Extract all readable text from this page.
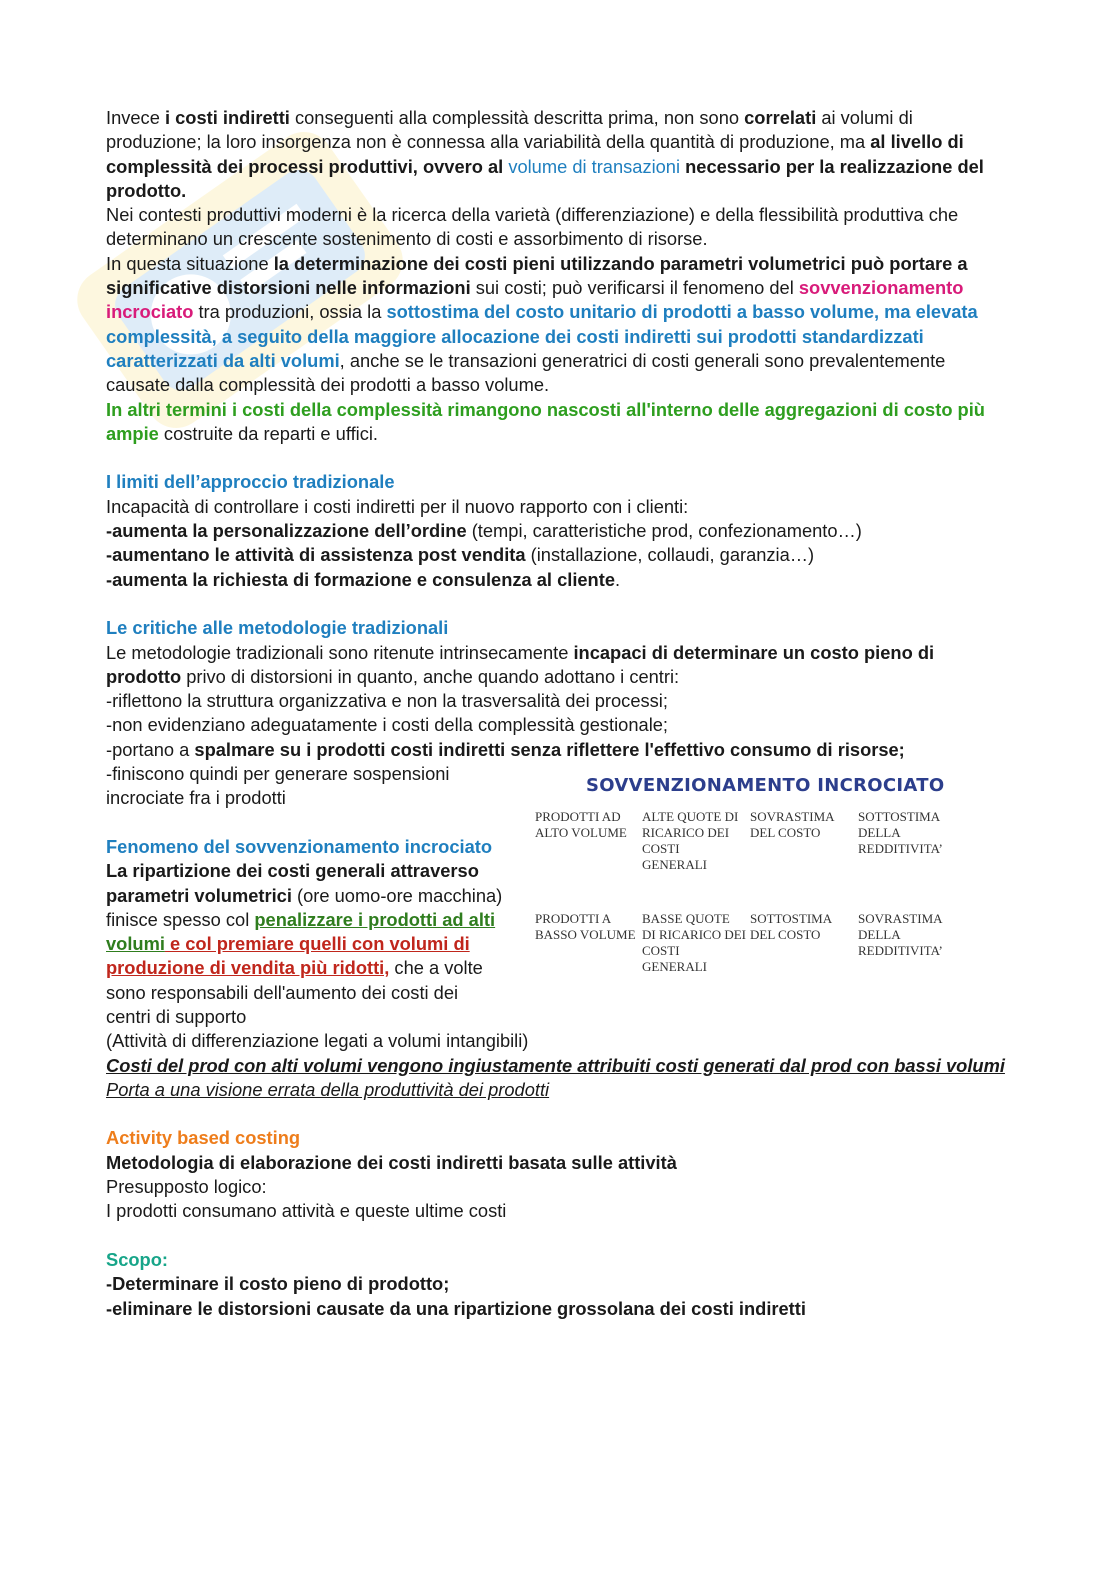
Invece i costi indiretti conseguenti alla complessità descritta prima, non sono correlati ai volumi di produzione; la loro insorgenza non è connessa alla variabilità della quantità di produzione, ma al livello di complessità dei processi produttivi, ovvero al volume di transazioni necessario per la realizzazione del prodotto.

Nei contesti produttivi moderni è la ricerca della varietà (differenziazione) e della flessibilità produttiva che determinano un crescente sostenimento di costi e assorbimento di risorse.

In questa situazione la determinazione dei costi pieni utilizzando parametri volumetrici può portare a significative distorsioni nelle informazioni sui costi; può verificarsi il fenomeno del sovvenzionamento incrociato tra produzioni, ossia la sottostima del costo unitario di prodotti a basso volume, ma elevata complessità, a seguito della maggiore allocazione dei costi indiretti sui prodotti standardizzati caratterizzati da alti volumi, anche se le transazioni generatrici di costi generali sono prevalentemente causate dalla complessità dei prodotti a basso volume.

In altri termini i costi della complessità rimangono nascosti all'interno delle aggregazioni di costo più ampie costruite da reparti e uffici.

I limiti dell’approccio tradizionale

Incapacità di controllare i costi indiretti per il nuovo rapporto con i clienti:

-aumenta la personalizzazione dell’ordine (tempi, caratteristiche prod, confezionamento…)

-aumentano le attività di assistenza post vendita (installazione, collaudi, garanzia…)

-aumenta la richiesta di formazione e consulenza al cliente.

Le critiche alle metodologie tradizionali

Le metodologie tradizionali sono ritenute intrinsecamente incapaci di determinare un costo pieno di prodotto privo di distorsioni in quanto, anche quando adottano i centri:

-riflettono la struttura organizzativa e non la trasversalità dei processi;

-non evidenziano adeguatamente i costi della complessità gestionale;

-portano a spalmare su i prodotti costi indiretti senza riflettere l'effettivo consumo di risorse;

-finiscono quindi per generare sospensioni

incrociate fra i prodotti

Fenomeno del sovvenzionamento incrociato

La ripartizione dei costi generali attraverso parametri volumetrici (ore uomo-ore macchina) finisce spesso col penalizzare i prodotti ad alti volumi e col premiare quelli con volumi di produzione di vendita più ridotti, che a volte sono responsabili dell'aumento dei costi dei centri di supporto

SOVVENZIONAMENTO INCROCIATO
PRODOTTI AD ALTO VOLUME
ALTE QUOTE DI RICARICO DEI COSTI GENERALI
SOVRASTIMA DEL COSTO
SOTTOSTIMA DELLA REDDITIVITA’
PRODOTTI A BASSO VOLUME
BASSE QUOTE DI RICARICO DEI COSTI GENERALI
SOTTOSTIMA DEL COSTO
SOVRASTIMA DELLA REDDITIVITA’

(Attività di differenziazione legati a volumi intangibili)

Costi del prod con alti volumi vengono ingiustamente attribuiti costi generati dal prod con bassi volumi

Porta a una visione errata della produttività dei prodotti

Activity based costing

Metodologia di elaborazione dei costi indiretti basata sulle attività

Presupposto logico:

I prodotti consumano attività e queste ultime costi

Scopo:

-Determinare il costo pieno di prodotto;

-eliminare le distorsioni causate da una ripartizione grossolana dei costi indiretti
